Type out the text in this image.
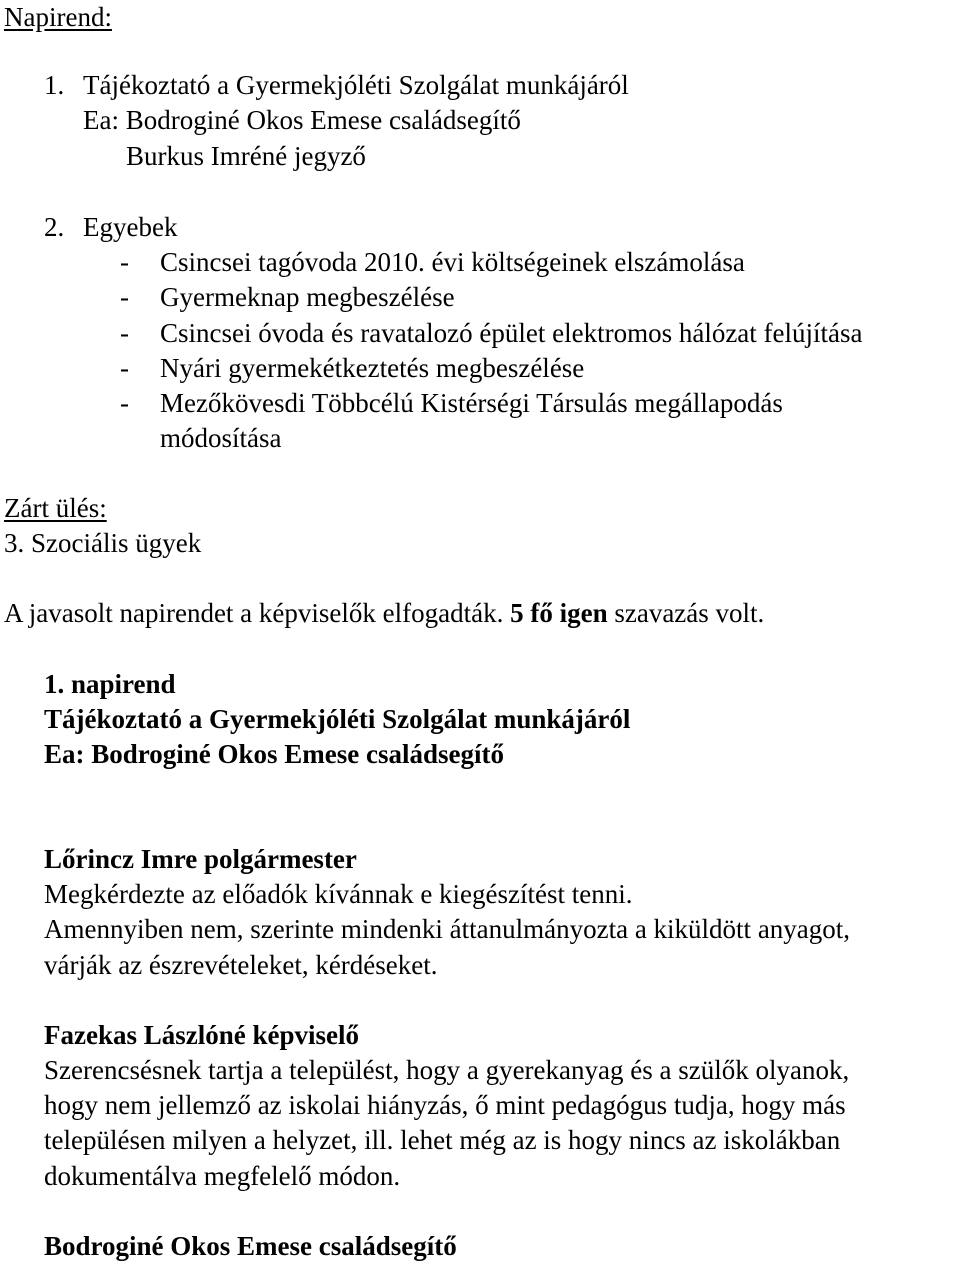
Napirend:
1. Tájékoztató a Gyermekjóléti Szolgálat munkájáról
Ea: Bodroginé Okos Emese családsegítő
Burkus Imréné jegyző
2. Egyebek
- Csincsei tagóvoda 2010. évi költségeinek elszámolása
- Gyermeknap megbeszélése
- Csincsei óvoda és ravatalozó épület elektromos hálózat felújítása
- Nyári gyermekétkeztetés megbeszélése
- Mezőkövesdi Többcélú Kistérségi Társulás megállapodás
módosítása
Zárt ülés:
3. Szociális ügyek
A javasolt napirendet a képviselők elfogadták. 5 fő igen szavazás volt.
1. napirend
Tájékoztató a Gyermekjóléti Szolgálat munkájáról
Ea: Bodroginé Okos Emese családsegítő
Lőrincz Imre polgármester
Megkérdezte az előadók kívánnak e kiegészítést tenni.
Amennyiben nem, szerinte mindenki áttanulmányozta a kiküldött anyagot,
várják az észrevételeket, kérdéseket.
Fazekas Lászlóné képviselő
Szerencsésnek tartja a települést, hogy a gyerekanyag és a szülők olyanok,
hogy nem jellemző az iskolai hiányzás, ő mint pedagógus tudja, hogy más
településen milyen a helyzet, ill. lehet még az is hogy nincs az iskolákban
dokumentálva megfelelő módon.
Bodroginé Okos Emese családsegítő
